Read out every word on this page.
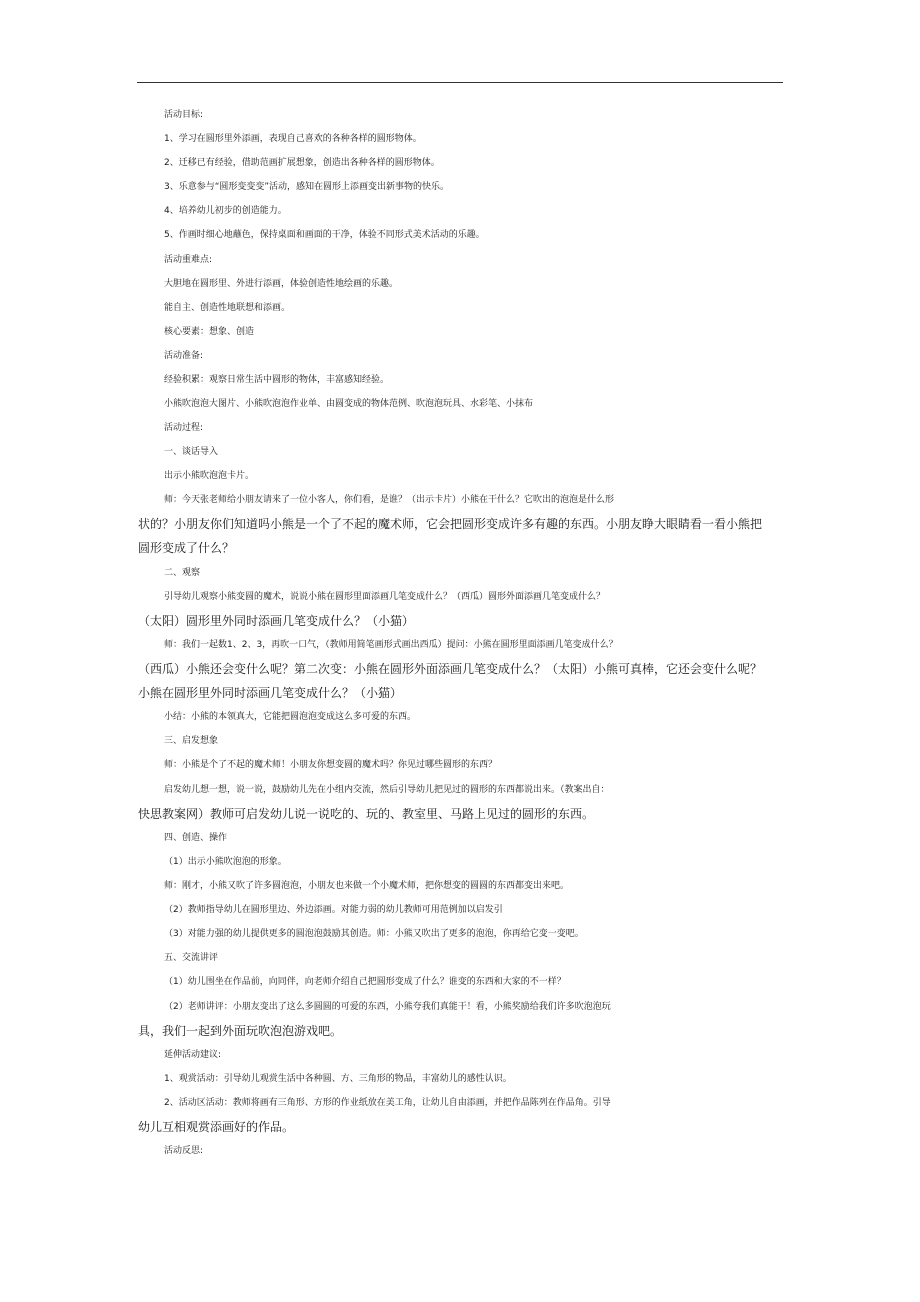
活动目标:
1、学习在圆形里外添画，表现自己喜欢的各种各样的圆形物体。
2、迁移已有经验，借助范画扩展想象，创造出各种各样的圆形物体。
3、乐意参与“圆形变变变”活动，感知在圆形上添画变出新事物的快乐。
4、培养幼儿初步的创造能力。
5、作画时细心地蘸色，保持桌面和画面的干净，体验不同形式美术活动的乐趣。
活动重难点:
大胆地在圆形里、外进行添画，体验创造性地绘画的乐趣。
能自主、创造性地联想和添画。
核心要素：想象、创造
活动准备:
经验积累：观察日常生活中圆形的物体，丰富感知经验。
小熊吹泡泡大图片、小熊吹泡泡作业单、由圆变成的物体范例、吹泡泡玩具、水彩笔、小抹布
活动过程:
一、谈话导入
出示小熊吹泡泡卡片。
师：今天张老师给小朋友请来了一位小客人，你们看，是谁？（出示卡片）小熊在干什么？它吹出的泡泡是什么形
状的？小朋友你们知道吗小熊是一个了不起的魔术师，它会把圆形变成许多有趣的东西。小朋友睁大眼睛看一看小熊把
圆形变成了什么？
二、观察
引导幼儿观察小熊变圆的魔术，说说小熊在圆形里面添画几笔变成什么？（西瓜）圆形外面添画几笔变成什么？
（太阳）圆形里外同时添画几笔变成什么？（小猫）
师：我们一起数1、2、3，再吹一口气，（教师用简笔画形式画出西瓜）提问：小熊在圆形里面添画几笔变成什么？
（西瓜）小熊还会变什么呢？第二次变：小熊在圆形外面添画几笔变成什么？（太阳）小熊可真棒，它还会变什么呢？
小熊在圆形里外同时添画几笔变成什么？（小猫）
小结：小熊的本领真大，它能把圆泡泡变成这么多可爱的东西。
三、启发想象
师：小熊是个了不起的魔术师！小朋友你想变圆的魔术吗？你见过哪些圆形的东西？
启发幼儿想一想，说一说，鼓励幼儿先在小组内交流，然后引导幼儿把见过的圆形的东西都说出来。（教案出自：
快思教案网）教师可启发幼儿说一说吃的、玩的、教室里、马路上见过的圆形的东西。
四、创造、操作
（1）出示小熊吹泡泡的形象。
师：刚才，小熊又吹了许多圆泡泡，小朋友也来做一个小魔术师，把你想变的圆圆的东西都变出来吧。
（2）教师指导幼儿在圆形里边、外边添画。对能力弱的幼儿教师可用范例加以启发引
（3）对能力强的幼儿提供更多的圆泡泡鼓励其创造。师：小熊又吹出了更多的泡泡，你再给它变一变吧。
五、交流讲评
（1）幼儿围坐在作品前，向同伴，向老师介绍自己把圆形变成了什么？谁变的东西和大家的不一样？
（2）老师讲评：小朋友变出了这么多圆圆的可爱的东西，小熊夸我们真能干！看，小熊奖励给我们许多吹泡泡玩
具，我们一起到外面玩吹泡泡游戏吧。
延伸活动建议:
1、观赏活动：引导幼儿观赏生活中各种圆、方、三角形的物品，丰富幼儿的感性认识。
2、活动区活动：教师将画有三角形、方形的作业纸放在美工角，让幼儿自由添画，并把作品陈列在作品角。引导
幼儿互相观赏添画好的作品。
活动反思:
